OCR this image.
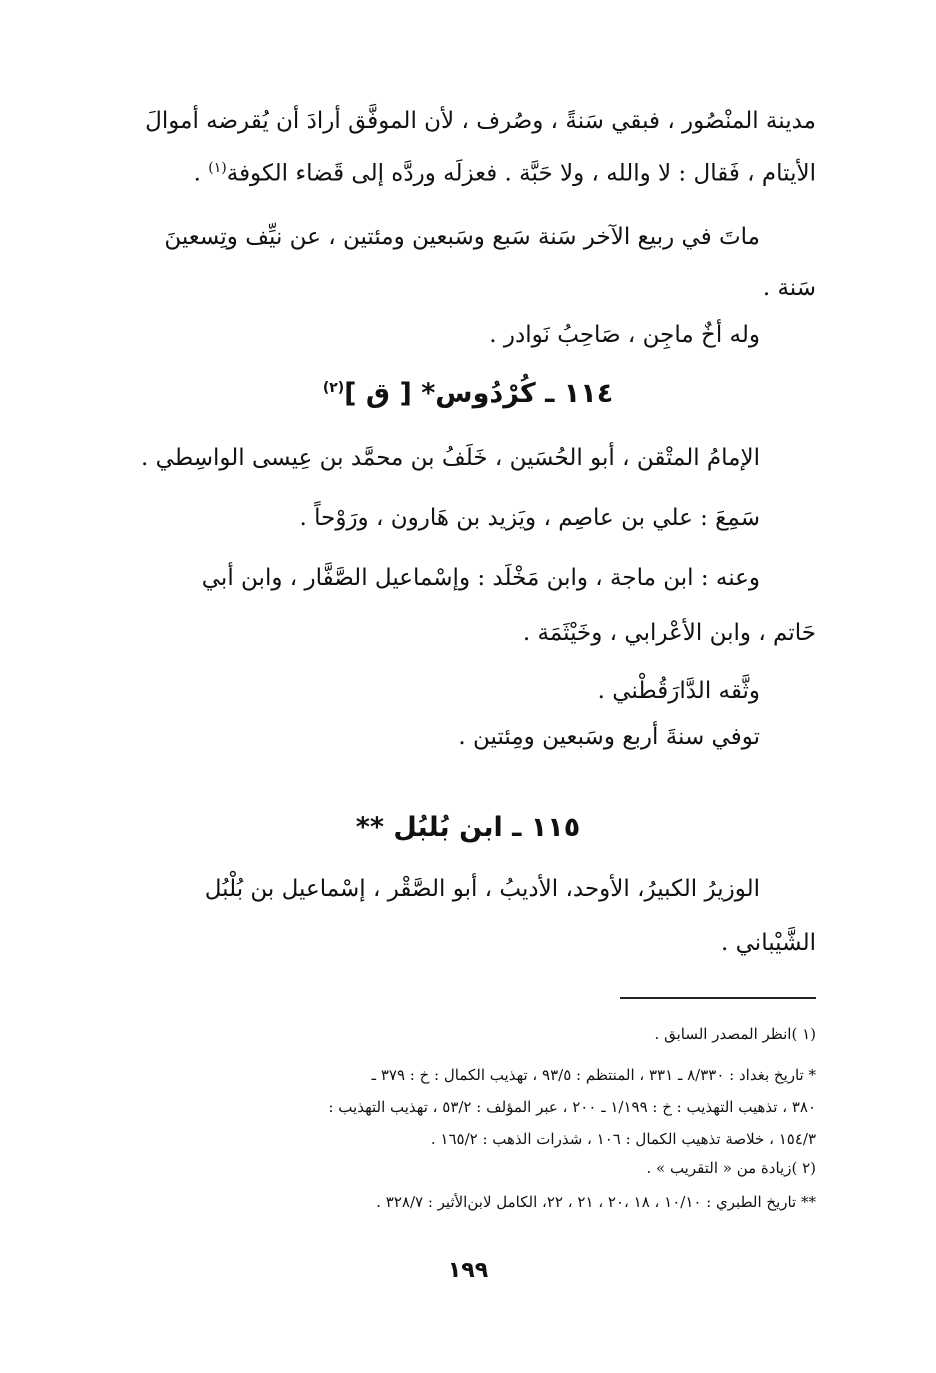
مدينة المنْصُور ، فبقي سَنةً ، وصُرف ، لأن الموفَّق أرادَ أن يُقرضه أموالَ
الأيتام ، فَقال : لا والله ، ولا حَبَّة . فعزلَه وردَّه إلى قَضاء الكوفة$^{(١)}$ .
ماتَ في ربيع الآخر سَنة سَبع وسَبعين ومئتين ، عن نيِّف وتِسعينَ
سَنة .
وله أخٌ ماجِن ، صَاحِبُ نَوادر .
١١٤ ـ كُرْدُوس* [ ق ]$^{(٢)}$
الإمامُ المتْقن ، أبو الحُسَين ، خَلَفُ بن محمَّد بن عِيسى الواسِطي .
سَمِعَ : علي بن عاصِم ، ويَزيد بن هَارون ، ورَوْحاً .
وعنه : ابن ماجة ، وابن مَخْلَد : وإسْماعيل الصَّفَّار ، وابن أبي
حَاتم ، وابن الأعْرابي ، وخَيْثَمَة .
وثَّقه الدَّارَقُطْني .
توفي سنةَ أربع وسَبعين ومِئتين .
١١٥ ـ ابن بُلبُل **
الوزيرُ الكبيرُ، الأوحد، الأديبُ ، أبو الصَّقْر ، إسْماعيل بن بُلْبُل
الشَّيْباني .
(١ )انظر المصدر السابق .
* تاريخ بغداد : ٨/٣٣٠ ـ ٣٣١ ، المنتظم : ٩٣/٥ ، تهذيب الكمال : خ : ٣٧٩ ـ
٣٨٠ ، تذهيب التهذيب : خ : ١/١٩٩ ـ ٢٠٠ ، عبر المؤلف : ٥٣/٢ ، تهذيب التهذيب :
١٥٤/٣ ، خلاصة تذهيب الكمال : ١٠٦ ، شذرات الذهب : ١٦٥/٢ .
(٢ )زيادة من « التقريب » .
** تاريخ الطبري : ١٠/١٠ ، ١٨ ،٢٠ ، ٢١ ، ٢٢، الكامل لابن‌الأثير : ٣٢٨/٧ .
١٩٩
